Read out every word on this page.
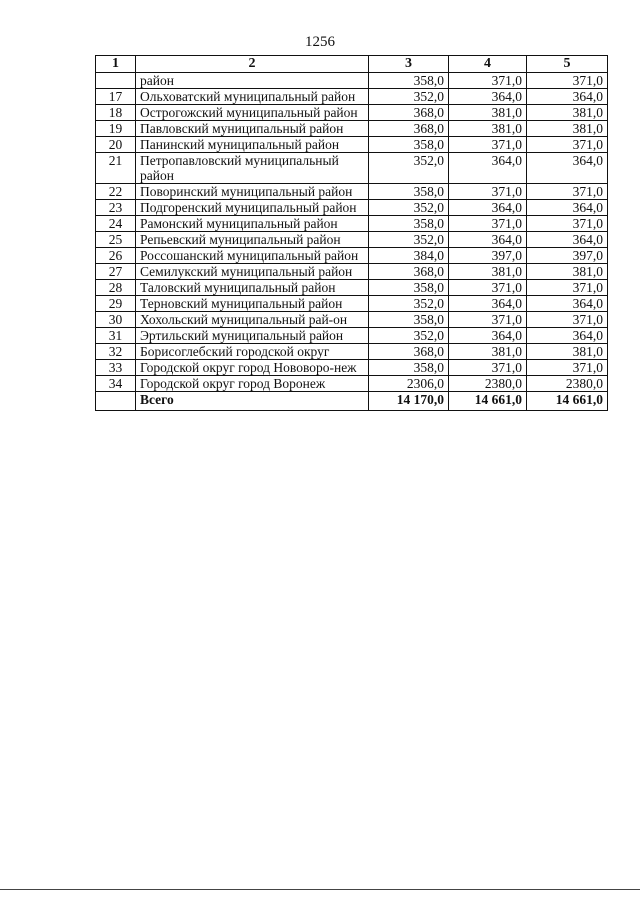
1256
1	2	3	4	5
	район	358,0	371,0	371,0
17	Ольховатский муниципальный район	352,0	364,0	364,0
18	Острогожский муниципальный район	368,0	381,0	381,0
19	Павловский муниципальный район	368,0	381,0	381,0
20	Панинский муниципальный район	358,0	371,0	371,0
21	Петропавловский муниципальный район	352,0	364,0	364,0
22	Поворинский муниципальный район	358,0	371,0	371,0
23	Подгоренский муниципальный район	352,0	364,0	364,0
24	Рамонский муниципальный район	358,0	371,0	371,0
25	Репьевский муниципальный район	352,0	364,0	364,0
26	Россошанский муниципальный район	384,0	397,0	397,0
27	Семилукский муниципальный район	368,0	381,0	381,0
28	Таловский муниципальный район	358,0	371,0	371,0
29	Терновский муниципальный район	352,0	364,0	364,0
30	Хохольский муниципальный рай-он	358,0	371,0	371,0
31	Эртильский муниципальный район	352,0	364,0	364,0
32	Борисоглебский городской округ	368,0	381,0	381,0
33	Городской округ город Нововоро-неж	358,0	371,0	371,0
34	Городской округ город Воронеж	2306,0	2380,0	2380,0
	Всего	14 170,0	14 661,0	14 661,0
